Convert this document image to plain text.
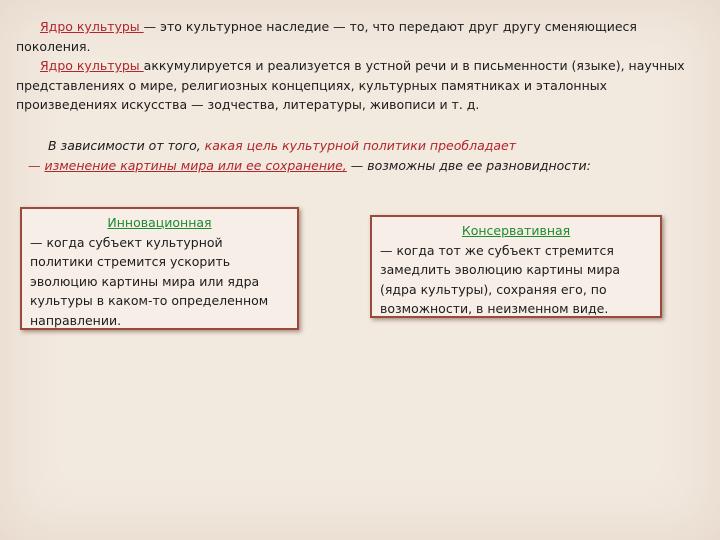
Ядро культуры — это культурное наследие — то, что передают друг другу сменяющиеся поколения.

Ядро культуры аккумулируется и реализуется в устной речи и в письменности (языке), научных представлениях о мире, религиозных концепциях, культурных памятниках и эталонных произведениях искусства — зодчества, литературы, живописи и т. д.

В зависимости от того, какая цель культурной политики преобладает
— изменение картины мира или ее сохранение, — возможны две ее разновидности:

Инновационная
— когда субъект культурной политики стремится ускорить эволюцию картины мира или ядра культуры в каком-то определенном направлении.
Консервативная
— когда тот же субъект стремится замедлить эволюцию картины мира (ядра культуры), сохраняя его, по возможности, в неизменном виде.
